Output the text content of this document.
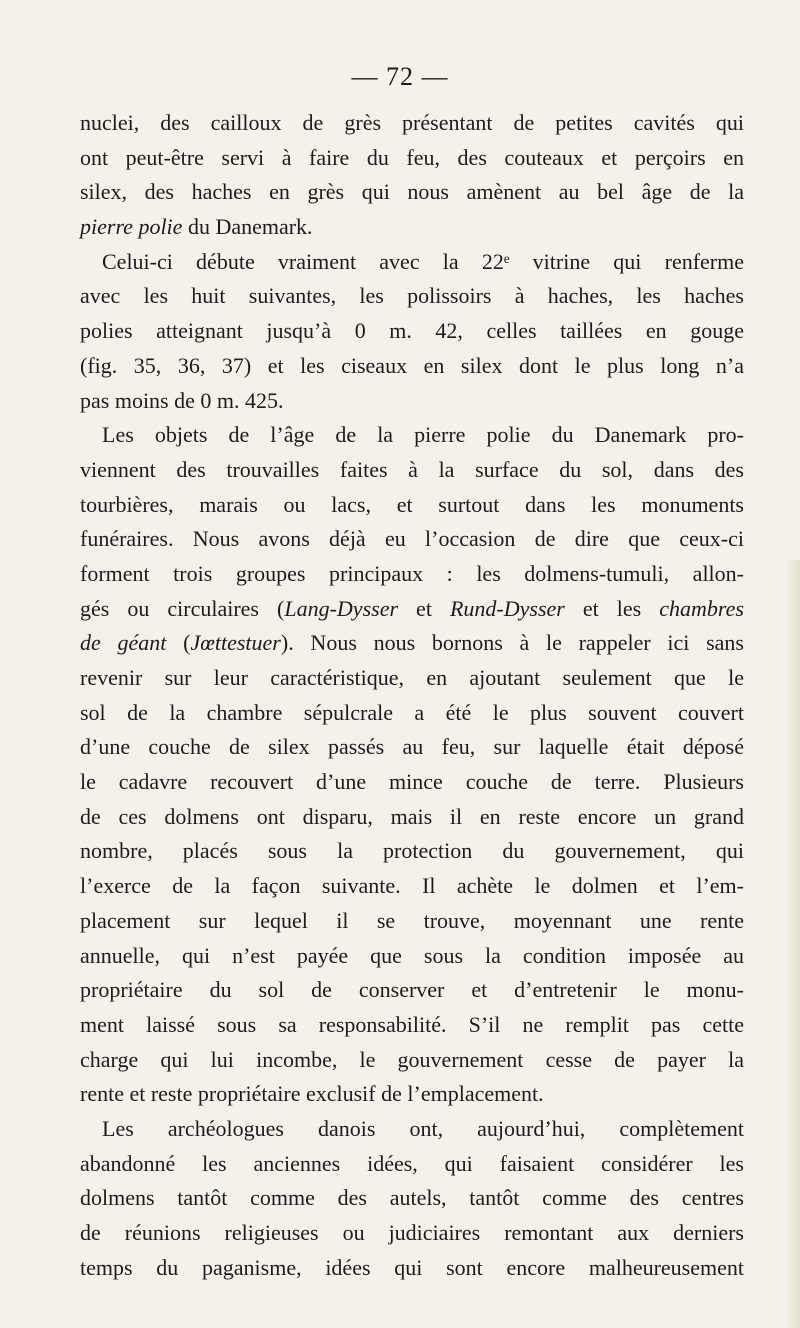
— 72 —
nuclei, des cailloux de grès présentant de petites cavités qui
ont peut-être servi à faire du feu, des couteaux et perçoirs en
silex, des haches en grès qui nous amènent au bel âge de la
pierre polie du Danemark.
Celui-ci débute vraiment avec la 22ᵉ vitrine qui renferme
avec les huit suivantes, les polissoirs à haches, les haches
polies atteignant jusqu’à 0 m. 42, celles taillées en gouge
(fig. 35, 36, 37) et les ciseaux en silex dont le plus long n’a
pas moins de 0 m. 425.
Les objets de l’âge de la pierre polie du Danemark pro-
viennent des trouvailles faites à la surface du sol, dans des
tourbières, marais ou lacs, et surtout dans les monuments
funéraires. Nous avons déjà eu l’occasion de dire que ceux-ci
forment trois groupes principaux : les dolmens-tumuli, allon-
gés ou circulaires (Lang-Dysser et Rund-Dysser et les chambres
de géant (Jœttestuer). Nous nous bornons à le rappeler ici sans
revenir sur leur caractéristique, en ajoutant seulement que le
sol de la chambre sépulcrale a été le plus souvent couvert
d’une couche de silex passés au feu, sur laquelle était déposé
le cadavre recouvert d’une mince couche de terre. Plusieurs
de ces dolmens ont disparu, mais il en reste encore un grand
nombre, placés sous la protection du gouvernement, qui
l’exerce de la façon suivante. Il achète le dolmen et l’em-
placement sur lequel il se trouve, moyennant une rente
annuelle, qui n’est payée que sous la condition imposée au
propriétaire du sol de conserver et d’entretenir le monu-
ment laissé sous sa responsabilité. S’il ne remplit pas cette
charge qui lui incombe, le gouvernement cesse de payer la
rente et reste propriétaire exclusif de l’emplacement.
Les archéologues danois ont, aujourd’hui, complètement
abandonné les anciennes idées, qui faisaient considérer les
dolmens tantôt comme des autels, tantôt comme des centres
de réunions religieuses ou judiciaires remontant aux derniers
temps du paganisme, idées qui sont encore malheureusement
